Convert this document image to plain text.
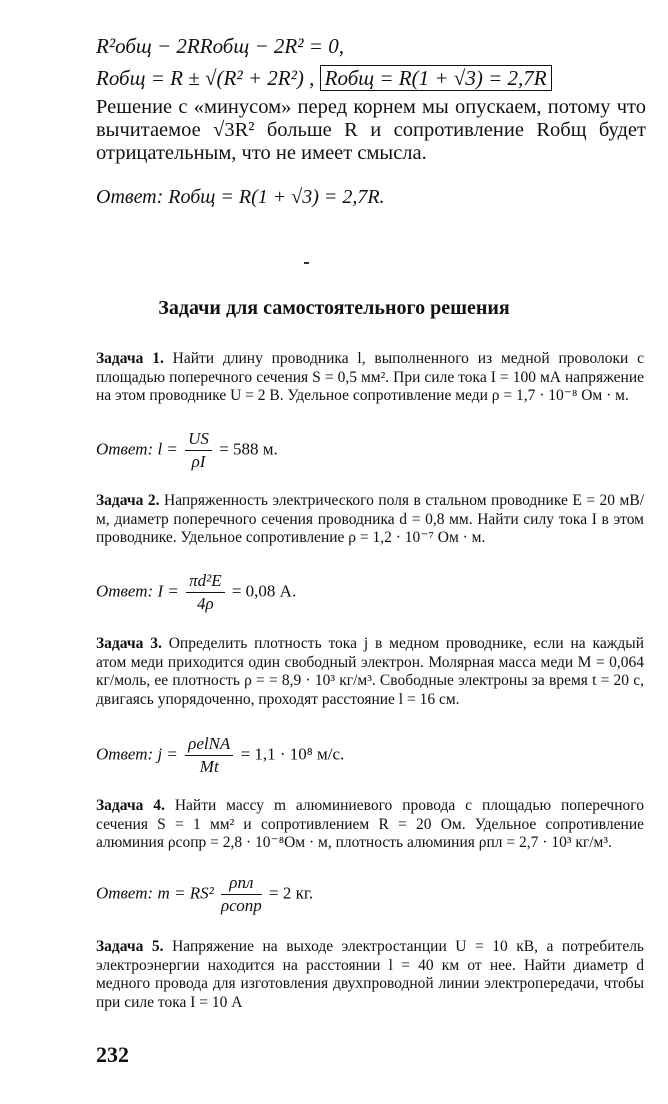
R²общ − 2RRобщ − 2R² = 0,
Rобщ = R ± √(R² + 2R²) , Rобщ = R(1 + √3) = 2,7R
Решение с «минусом» перед корнем мы опускаем, потому что вычитаемое √3R² больше R и сопротивление Rобщ будет отрицательным, что не имеет смысла.
Ответ: Rобщ = R(1 + √3) = 2,7R.
Задачи для самостоятельного решения
Задача 1. Найти длину проводника l, выполненного из медной проволоки с площадью поперечного сечения S = 0,5 мм². При силе тока I = 100 мА напряжение на этом проводнике U = 2 В. Удельное сопротивление меди ρ = 1,7 · 10⁻⁸ Ом · м.
Ответ: $l = \frac{US}{\rho I} = 588$ м.
Задача 2. Напряженность электрического поля в стальном проводнике E = 20 мВ/м, диаметр поперечного сечения проводника d = 0,8 мм. Найти силу тока I в этом проводнике. Удельное сопротивление ρ = 1,2 · 10⁻⁷ Ом · м.
Ответ: $I = \frac{\text{πd²E}}{4\rho} = 0,08$ А.
Задача 3. Определить плотность тока j в медном проводнике, если на каждый атом меди приходится один свободный электрон. Молярная масса меди M = 0,064 кг/моль, ее плотность ρ = = 8,9 · 10³ кг/м³. Свободные электроны за время t = 20 с, двигаясь упорядоченно, проходят расстояние l = 16 см.
Ответ: $j = \frac{\text{ρelNA}}{Mt} = 1,1 \cdot 10^8$ м/с.
Задача 4. Найти массу m алюминиевого провода с площадью поперечного сечения S = 1 мм² и сопротивлением R = 20 Ом. Удельное сопротивление алюминия ρсопр = 2,8 · 10⁻⁸Ом · м, плотность алюминия ρпл = 2,7 · 10³ кг/м³.
Ответ: $m = RS^2 \frac{\text{ρпл}}{\text{ρсопр}} = 2$ кг.
Задача 5. Напряжение на выходе электростанции U = 10 кВ, а потребитель электроэнергии находится на расстоянии l = 40 км от нее. Найти диаметр d медного провода для изготовления двухпроводной линии электропередачи, чтобы при силе тока I = 10 А
232
